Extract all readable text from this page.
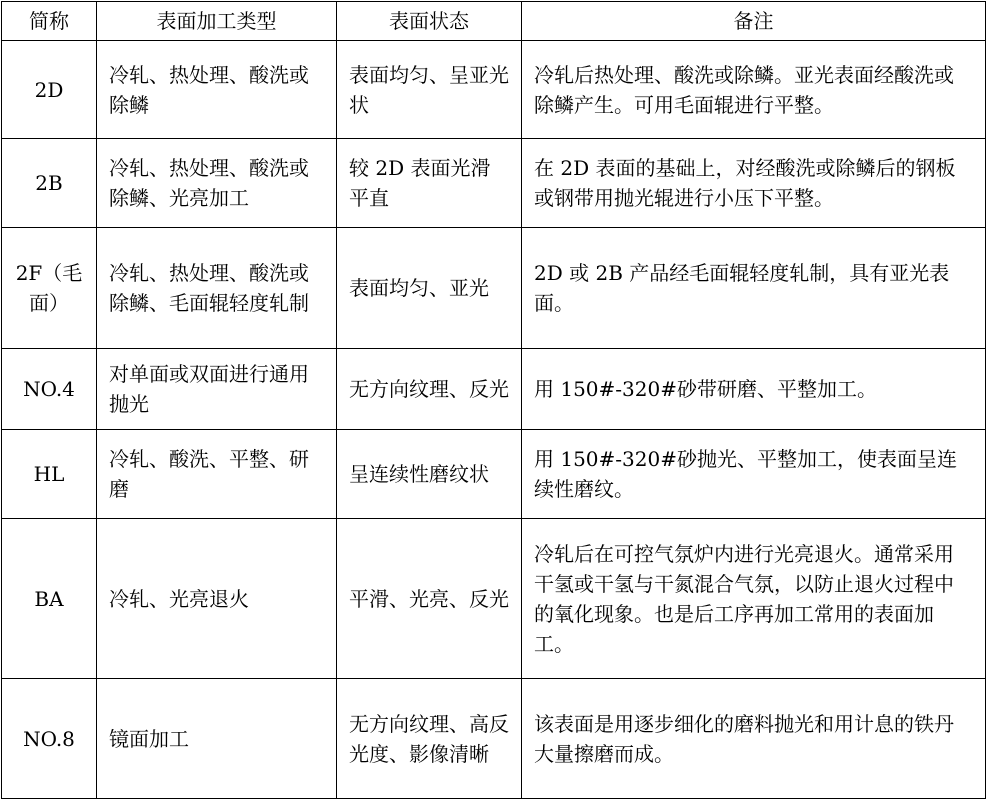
简称	表面加工类型	表面状态	备注
2D	冷轧、热处理、酸洗或除鳞	表面均匀、呈亚光状	冷轧后热处理、酸洗或除鳞。亚光表面经酸洗或除鳞产生。可用毛面辊进行平整。
2B	冷轧、热处理、酸洗或除鳞、光亮加工	较 2D 表面光滑平直	在 2D 表面的基础上，对经酸洗或除鳞后的钢板或钢带用抛光辊进行小压下平整。
2F（毛面）	冷轧、热处理、酸洗或除鳞、毛面辊轻度轧制	表面均匀、亚光	2D 或 2B 产品经毛面辊轻度轧制，具有亚光表面。
NO.4	对单面或双面进行通用抛光	无方向纹理、反光	用 150#-320#砂带研磨、平整加工。
HL	冷轧、酸洗、平整、研磨	呈连续性磨纹状	用 150#-320#砂抛光、平整加工，使表面呈连续性磨纹。
BA	冷轧、光亮退火	平滑、光亮、反光	冷轧后在可控气氛炉内进行光亮退火。通常采用干氢或干氢与干氮混合气氛，以防止退火过程中的氧化现象。也是后工序再加工常用的表面加工。
NO.8	镜面加工	无方向纹理、高反光度、影像清晰	该表面是用逐步细化的磨料抛光和用计息的铁丹大量擦磨而成。
